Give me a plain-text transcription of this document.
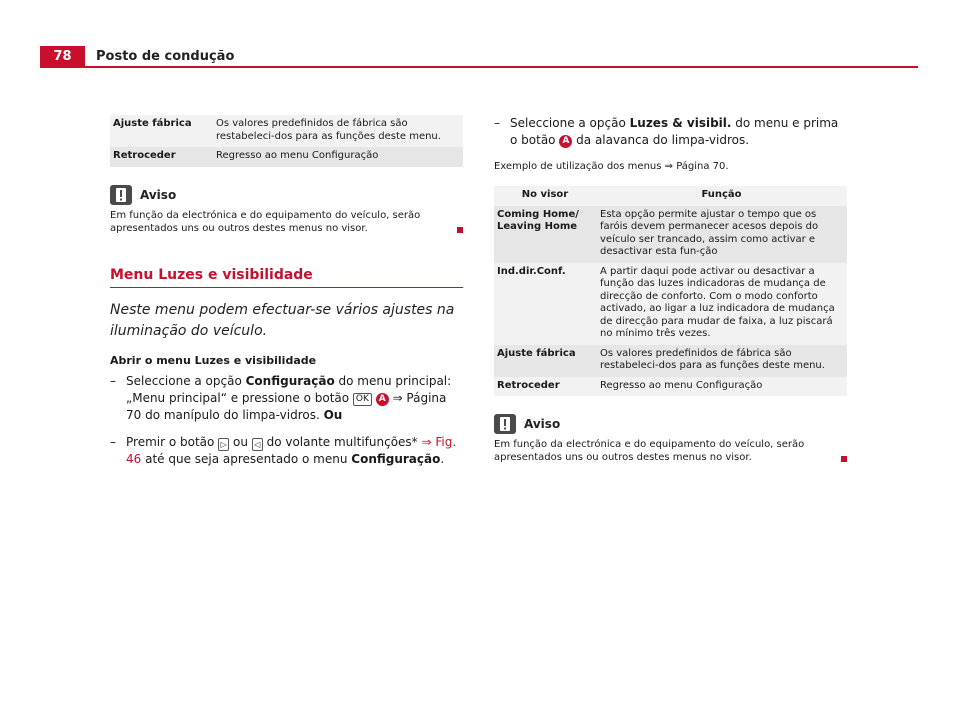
78	Posto de condução
Ajuste fábrica	Os valores predefinidos de fábrica são restabeleci-dos para as funções deste menu.
Retroceder	Regresso ao menu Configuração
Aviso
Em função da electrónica e do equipamento do veículo, serão apresentados uns ou outros destes menus no visor.
Menu Luzes e visibilidade
Neste menu podem efectuar-se vários ajustes na iluminação do veículo.
Abrir o menu Luzes e visibilidade
– Seleccione a opção Configuração do menu principal: „Menu principal“ e pressione o botão OK A ⇒ Página 70 do manípulo do limpa-vidros. Ou
– Premir o botão ▷ ou ◁ do volante multifunções* ⇒ Fig. 46 até que seja apresentado o menu Configuração.
– Seleccione a opção Luzes & visibil. do menu e prima o botão A da alavanca do limpa-vidros.
Exemplo de utilização dos menus ⇒ Página 70.
No visor	Função
Coming Home/ Leaving Home	Esta opção permite ajustar o tempo que os faróis devem permanecer acesos depois do veículo ser trancado, assim como activar e desactivar esta fun-ção
Ind.dir.Conf.	A partir daqui pode activar ou desactivar a função das luzes indicadoras de mudança de direcção de conforto. Com o modo conforto activado, ao ligar a luz indicadora de mudança de direcção para mudar de faixa, a luz piscará no mínimo três vezes.
Ajuste fábrica	Os valores predefinidos de fábrica são restabeleci-dos para as funções deste menu.
Retroceder	Regresso ao menu Configuração
Aviso
Em função da electrónica e do equipamento do veículo, serão apresentados uns ou outros destes menus no visor.
